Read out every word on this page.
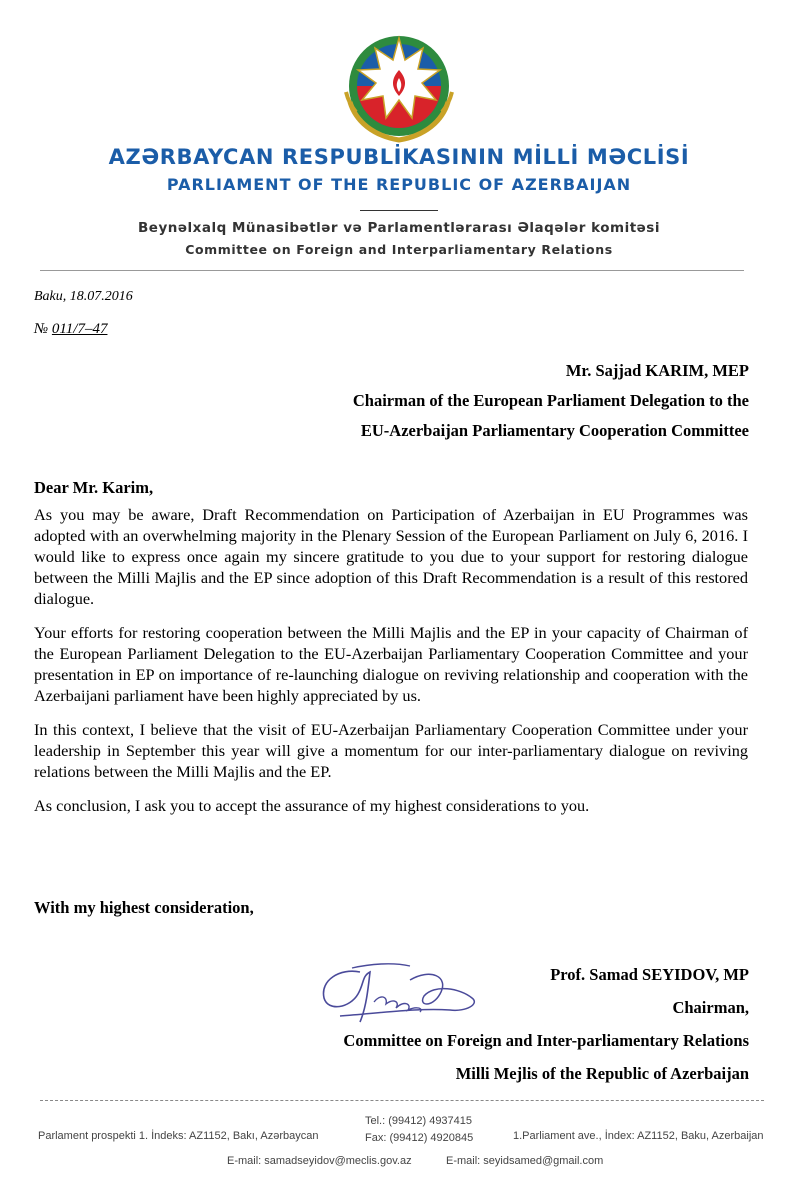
AZƏRBAYCAN RESPUBLİKASININ MİLLİ MƏCLİSİ
PARLIAMENT OF THE REPUBLIC OF AZERBAIJAN
Beynəlxalq Münasibətlər və Parlamentlərarası Əlaqələr komitəsi
Committee on Foreign and Interparliamentary Relations
Baku, 18.07.2016
№ 011/7–47
Mr. Sajjad KARIM, MEP
Chairman of the European Parliament Delegation to the
EU-Azerbaijan Parliamentary Cooperation Committee
Dear Mr. Karim,

As you may be aware, Draft Recommendation on Participation of Azerbaijan in EU Programmes was adopted with an overwhelming majority in the Plenary Session of the European Parliament on July 6, 2016. I would like to express once again my sincere gratitude to you due to your support for restoring dialogue between the Milli Majlis and the EP since adoption of this Draft Recommendation is a result of this restored dialogue.

Your efforts for restoring cooperation between the Milli Majlis and the EP in your capacity of Chairman of the European Parliament Delegation to the EU-Azerbaijan Parliamentary Cooperation Committee and your presentation in EP on importance of re-launching dialogue on reviving relationship and cooperation with the Azerbaijani parliament have been highly appreciated by us.

In this context, I believe that the visit of EU-Azerbaijan Parliamentary Cooperation Committee under your leadership in September this year will give a momentum for our inter-parliamentary dialogue on reviving relations between the Milli Majlis and the EP.

As conclusion, I ask you to accept the assurance of my highest considerations to you.

With my highest consideration,
Prof. Samad SEYIDOV, MP
Chairman,
Committee on Foreign and Inter-parliamentary Relations
Milli Mejlis of the Republic of Azerbaijan
Parlament prospekti 1. İndeks: AZ1152, Bakı, Azərbaycan
Tel.: (99412) 4937415
Fax: (99412) 4920845	1.Parliament ave., İndex: AZ1152, Baku, Azerbaijan
E-mail: samadseyidov@meclis.gov.az	E-mail: seyidsamed@gmail.com
